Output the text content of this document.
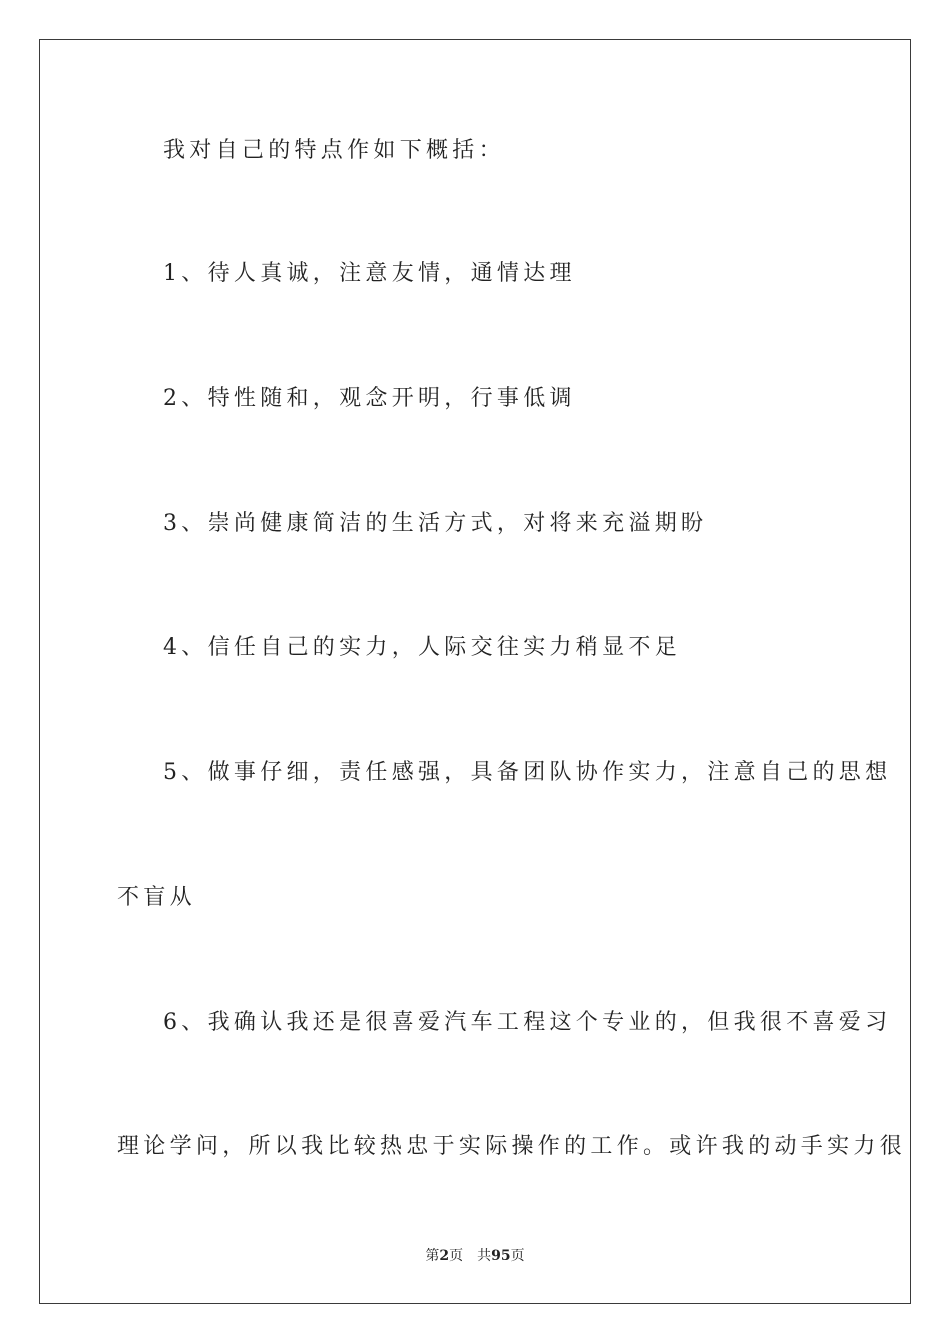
我对自己的特点作如下概括：
1、待人真诚，注意友情，通情达理
2、特性随和，观念开明，行事低调
3、崇尚健康简洁的生活方式，对将来充溢期盼
4、信任自己的实力，人际交往实力稍显不足
5、做事仔细，责任感强，具备团队协作实力，注意自己的思想
不盲从
6、我确认我还是很喜爱汽车工程这个专业的，但我很不喜爱习
理论学问，所以我比较热忠于实际操作的工作。或许我的动手实力很
第2页 共95页
